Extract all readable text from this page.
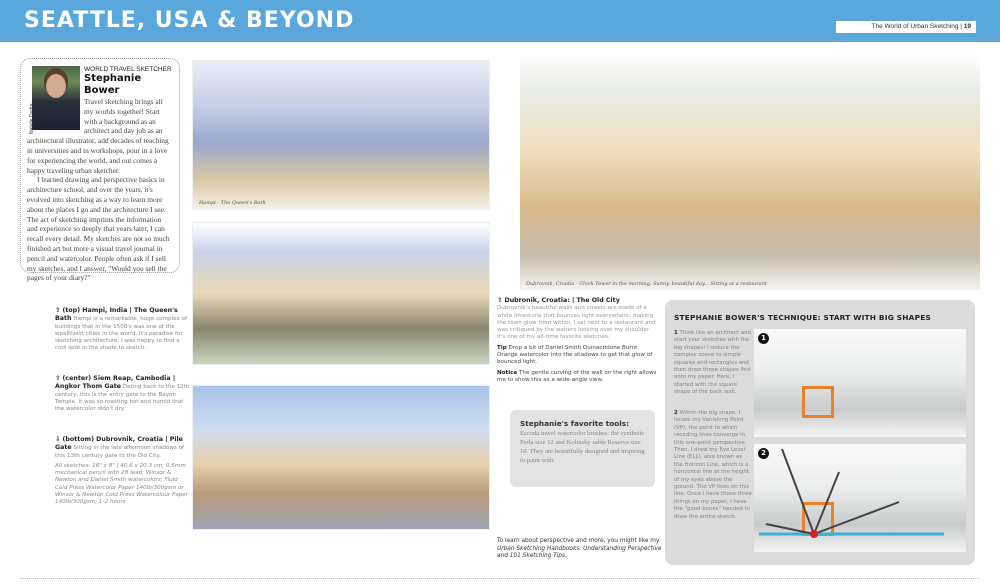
SEATTLE, USA & BEYOND	The World of Urban Sketching | 19
Natalie Dudra
WORLD TRAVEL SKETCHER
Stephanie Bower

Travel sketching brings all my worlds together! Start with a background as an architect and day job as an architectural illustrator, add decades of teaching in universities and in workshops, pour in a love for experiencing the world, and out comes a happy traveling urban sketcher.

I learned drawing and perspective basics in architecture school, and over the years, it's evolved into sketching as a way to learn more about the places I go and the architecture I see. The act of sketching imprints the information and experience so deeply that years later, I can recall every detail. My sketches are not so much finished art but more a visual travel journal in pencil and watercolor. People often ask if I sell my sketches, and I answer, "Would you sell the pages of your diary?"

Hampi - The Queen's Bath
Dubrovnik, Croatia - Clock Tower in the morning. Sunny, beautiful day... Sitting at a restaurant
⇧ (top) Hampi, India | The Queen's Bath Hampi is a remarkable, huge complex of buildings that in the 1500's was one of the wealthiest cities in the world. It's paradise for sketching architecture. I was happy to find a cool spot in the shade to sketch.
⇧ (center) Siem Reap, Cambodia | Angkor Thom Gate Dating back to the 12th century, this is the entry gate to the Bayon Temple. It was so roasting hot and humid that the watercolor didn't dry.
⇩ (bottom) Dubrovnik, Croatia | Pile Gate Sitting in the late afternoon shadows of this 13th century gate to the Old City.

All sketches: 16" x 8" | 40.6 x 20.3 cm; 0.5mm mechanical pencil with 2B lead; Winsor & Newton and Daniel Smith watercolors; Fluid Cold Press Watercolor Paper 140lb/300gsm or Winsor & Newton Cold Press Watercolour Paper 140lb/300gsm; 1-2 hours

⇧ Dubronik, Croatia: | The Old City
Dubrovnik's beautiful walls and streets are made of a white limestone that bounces light everywhere, making the town glow from within. I sat next to a restaurant and was critiqued by the waiters looking over my shoulder. It's one of my all-time favorite sketches.

Tip Drop a bit of Daniel Smith Quinacridone Burnt Orange watercolor into the shadows to get that glow of bounced light.

Notice The gentle curving of the wall on the right allows me to show this as a wide-angle view.

Stephanie's favorite tools:
Escoda travel watercolor brushes: the synthetic Perla size 12 and Kolinsky sable Reserva size 10. They are beautifully designed and inspiring to paint with.
To learn about perspective and more, you might like my Urban Sketching Handbooks: Understanding Perspective and 101 Sketching Tips.
STEPHANIE BOWER'S TECHNIQUE: START WITH BIG SHAPES
1 Think like an architect and start your sketches with the big shapes! I reduce the complex scene to simple squares and rectangles and then draw those shapes first onto my paper. Here, I started with the square shape of the back wall.
2 Within the big shape, I locate my Vanishing Point (VP), the point to which receding lines converge in this one-point perspective. Then, I draw my Eye Level Line (ELL), also known as the Horizon Line, which is a horizontal line at the height of my eyes above the ground. The VP lives on this line. Once I have those three things on my paper, I have the "good bones" needed to draw the entire sketch.
1
2
